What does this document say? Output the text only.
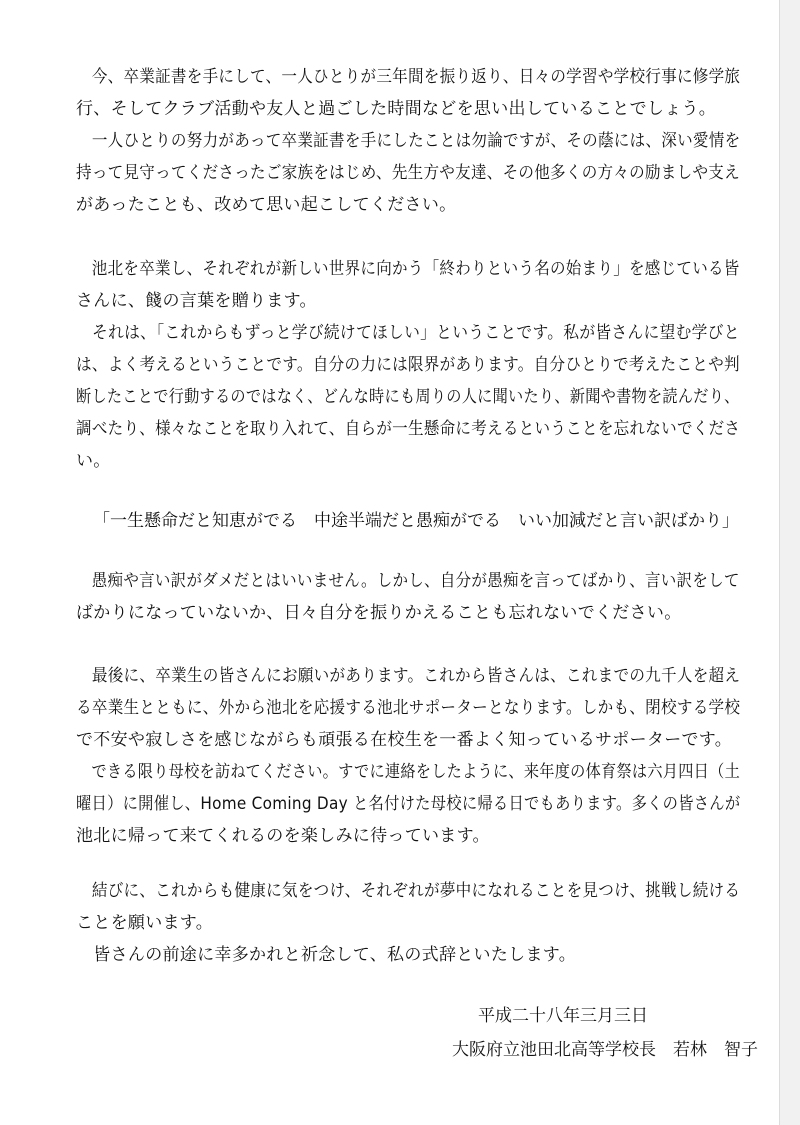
　今、卒業証書を手にして、一人ひとりが三年間を振り返り、日々の学習や学校行事に修学旅
行、そしてクラブ活動や友人と過ごした時間などを思い出していることでしょう。
　一人ひとりの努力があって卒業証書を手にしたことは勿論ですが、その蔭には、深い愛情を
持って見守ってくださったご家族をはじめ、先生方や友達、その他多くの方々の励ましや支え
があったことも、改めて思い起こしてください。
　池北を卒業し、それぞれが新しい世界に向かう「終わりという名の始まり」を感じている皆
さんに、餞の言葉を贈ります。
　それは、「これからもずっと学び続けてほしい」ということです。私が皆さんに望む学びと
は、よく考えるということです。自分の力には限界があります。自分ひとりで考えたことや判
断したことで行動するのではなく、どんな時にも周りの人に聞いたり、新聞や書物を読んだり、
調べたり、様々なことを取り入れて、自らが一生懸命に考えるということを忘れないでくださ
い。
「一生懸命だと知恵がでる　中途半端だと愚痴がでる　いい加減だと言い訳ばかり」
　愚痴や言い訳がダメだとはいいません。しかし、自分が愚痴を言ってばかり、言い訳をして
ばかりになっていないか、日々自分を振りかえることも忘れないでください。
　最後に、卒業生の皆さんにお願いがあります。これから皆さんは、これまでの九千人を超え
る卒業生とともに、外から池北を応援する池北サポーターとなります。しかも、閉校する学校
で不安や寂しさを感じながらも頑張る在校生を一番よく知っているサポーターです。
　できる限り母校を訪ねてください。すでに連絡をしたように、来年度の体育祭は六月四日（土
曜日）に開催し、Home Coming Day と名付けた母校に帰る日でもあります。多くの皆さんが
池北に帰って来てくれるのを楽しみに待っています。
　結びに、これからも健康に気をつけ、それぞれが夢中になれることを見つけ、挑戦し続ける
ことを願います。
　皆さんの前途に幸多かれと祈念して、私の式辞といたします。
平成二十八年三月三日
大阪府立池田北高等学校長　若林　智子
